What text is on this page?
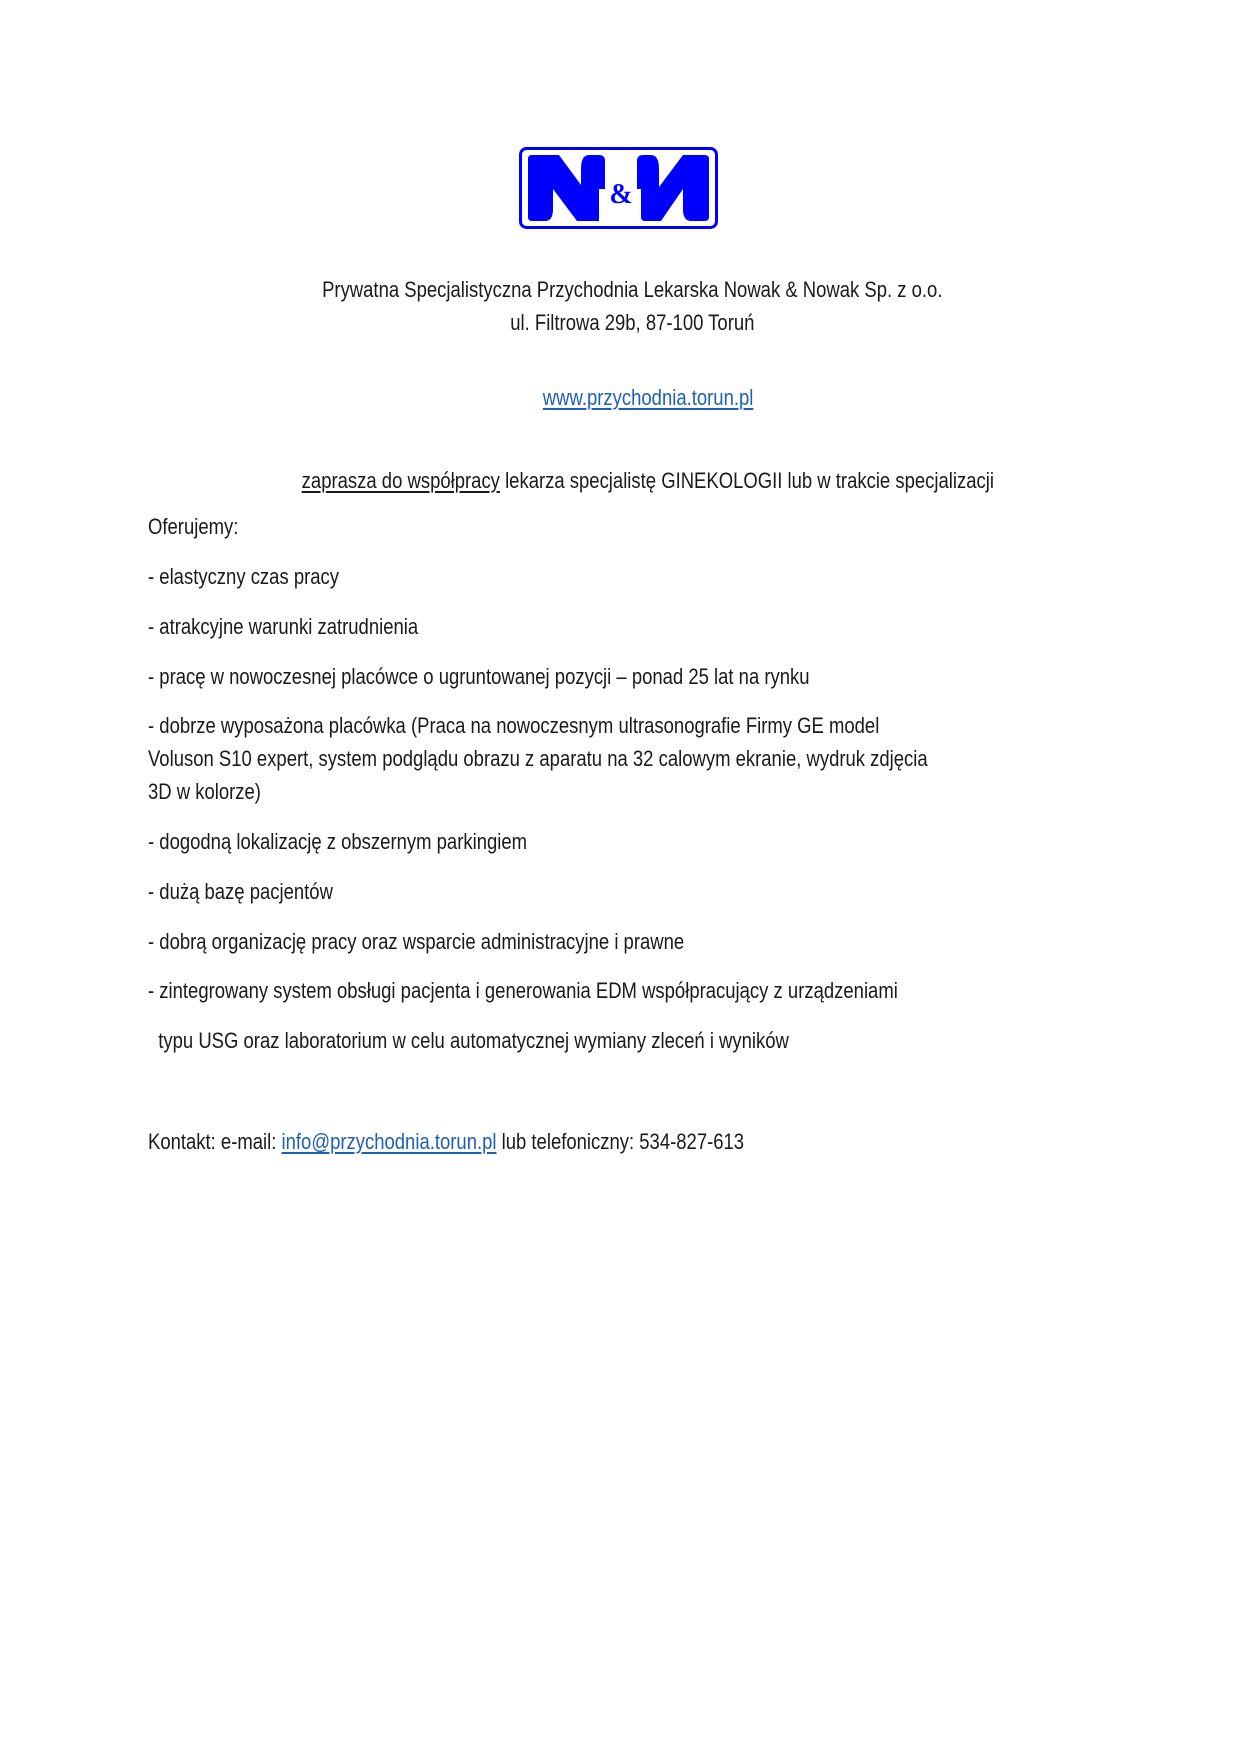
&

Prywatna Specjalistyczna Przychodnia Lekarska Nowak & Nowak Sp. z o.o.

ul. Filtrowa 29b, 87-100 Toruń

www.przychodnia.torun.pl

zaprasza do współpracy lekarza specjalistę GINEKOLOGII lub w trakcie specjalizacji

Oferujemy:
- elastyczny czas pracy
- atrakcyjne warunki zatrudnienia
- pracę w nowoczesnej placówce o ugruntowanej pozycji – ponad 25 lat na rynku
- dobrze wyposażona placówka (Praca na nowoczesnym ultrasonografie Firmy GE model
Voluson S10 expert, system podglądu obrazu z aparatu na 32 calowym ekranie, wydruk zdjęcia
3D w kolorze)
- dogodną lokalizację z obszernym parkingiem
- dużą bazę pacjentów
- dobrą organizację pracy oraz wsparcie administracyjne i prawne
- zintegrowany system obsługi pacjenta i generowania EDM współpracujący z urządzeniami
typu USG oraz laboratorium w celu automatycznej wymiany zleceń i wyników
Kontakt: e-mail: info@przychodnia.torun.pl lub telefoniczny: 534-827-613
